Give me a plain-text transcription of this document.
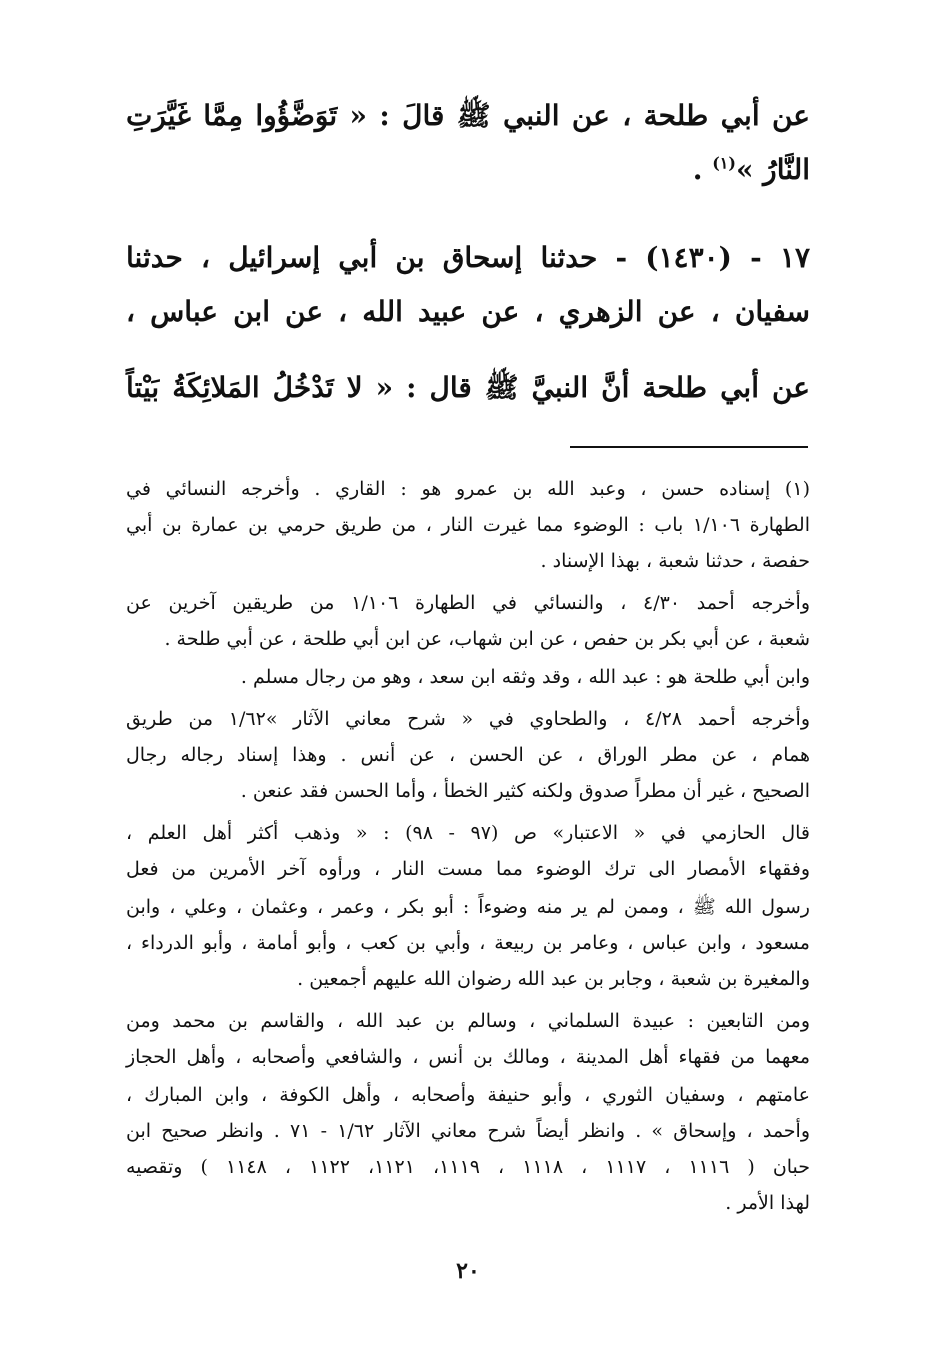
عن أبي طلحة ، عن النبي ﷺ قالَ : « تَوَضَّؤُوا مِمَّا غَيَّرَتِ
النَّارُ »$^{(١)}$ .
١٧ - (١٤٣٠) - حدثنا إسحاق بن أبي إسرائيل ، حدثنا
سفيان ، عن الزهري ، عن عبيد الله ، عن ابن عباس ،
عن أبي طلحة أنَّ النبيَّ ﷺ قال : « لا تَدْخُلُ المَلائِكَةُ بَيْتاً
(١) إسناده حسن ، وعبد الله بن عمرو هو : القاري . وأخرجه النسائي في
الطهارة ١/١٠٦ باب : الوضوء مما غيرت النار ، من طريق حرمي بن عمارة بن أبي
حفصة ، حدثنا شعبة ، بهذا الإسناد .
وأخرجه أحمد ٤/٣٠ ، والنسائي في الطهارة ١/١٠٦ من طريقين آخرين عن
شعبة ، عن أبي بكر بن حفص ، عن ابن شهاب، عن ابن أبي طلحة ، عن أبي طلحة .
وابن أبي طلحة هو : عبد الله ، وقد وثقه ابن سعد ، وهو من رجال مسلم .
وأخرجه أحمد ٤/٢٨ ، والطحاوي في « شرح معاني الآثار »١/٦٢ من طريق
همام ، عن مطر الوراق ، عن الحسن ، عن أنس . وهذا إسناد رجاله رجال
الصحيح ، غير أن مطراً صدوق ولكنه كثير الخطأ ، وأما الحسن فقد عنعن .
قال الحازمي في « الاعتبار» ص (٩٧ - ٩٨) : « وذهب أكثر أهل العلم ،
وفقهاء الأمصار الى ترك الوضوء مما مست النار ، ورأوه آخر الأمرين من فعل
رسول الله ﷺ ، وممن لم ير منه وضوءاً : أبو بكر ، وعمر ، وعثمان ، وعلي ، وابن
مسعود ، وابن عباس ، وعامر بن ربيعة ، وأبي بن كعب ، وأبو أمامة ، وأبو الدرداء ،
والمغيرة بن شعبة ، وجابر بن عبد الله رضوان الله عليهم أجمعين .
ومن التابعين : عبيدة السلماني ، وسالم بن عبد الله ، والقاسم بن محمد ومن
معهما من فقهاء أهل المدينة ، ومالك بن أنس ، والشافعي وأصحابه ، وأهل الحجاز
عامتهم ، وسفيان الثوري ، وأبو حنيفة وأصحابه ، وأهل الكوفة ، وابن المبارك ،
وأحمد ، وإسحاق » . وانظر أيضاً شرح معاني الآثار ١/٦٢ - ٧١ . وانظر صحيح ابن
حبان ( ١١١٦ ، ١١١٧ ، ١١١٨ ، ١١١٩، ١١٢١، ١١٢٢ ، ١١٤٨ ) وتقصيه
لهذا الأمر .
٢٠
